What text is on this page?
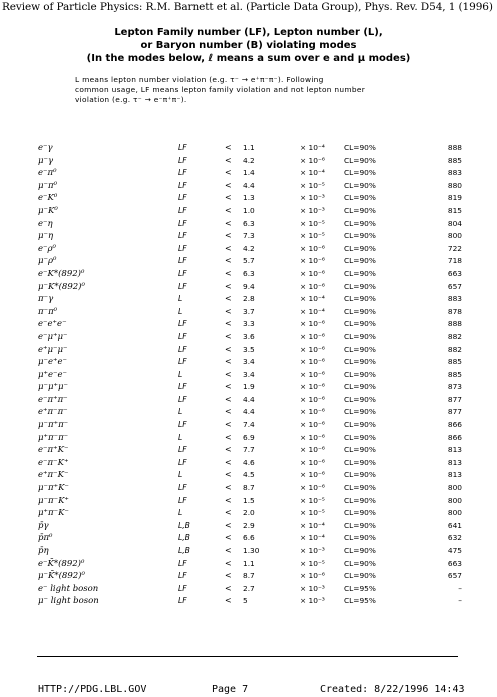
Review of Particle Physics: R.M. Barnett et al. (Particle Data Group), Phys. Rev. D54, 1 (1996)
Lepton Family number (LF), Lepton number (L),
or Baryon number (B) violating modes
(In the modes below, ℓ means a sum over e and μ modes)
L means lepton number violation (e.g. τ⁻ → e⁺π⁻π⁻). Following
common usage, LF means lepton family violation and not lepton number
violation (e.g. τ⁻ → e⁻π⁺π⁻).
e⁻γ	LF	< 1.1	× 10⁻⁴	CL=90%	888
μ⁻γ	LF	< 4.2	× 10⁻⁶	CL=90%	885
e⁻π⁰	LF	< 1.4	× 10⁻⁴	CL=90%	883
μ⁻π⁰	LF	< 4.4	× 10⁻⁵	CL=90%	880
e⁻K⁰	LF	< 1.3	× 10⁻³	CL=90%	819
μ⁻K⁰	LF	< 1.0	× 10⁻³	CL=90%	815
e⁻η	LF	< 6.3	× 10⁻⁵	CL=90%	804
μ⁻η	LF	< 7.3	× 10⁻⁵	CL=90%	800
e⁻ρ⁰	LF	< 4.2	× 10⁻⁶	CL=90%	722
μ⁻ρ⁰	LF	< 5.7	× 10⁻⁶	CL=90%	718
e⁻K*(892)⁰	LF	< 6.3	× 10⁻⁶	CL=90%	663
μ⁻K*(892)⁰	LF	< 9.4	× 10⁻⁶	CL=90%	657
π⁻γ	L	< 2.8	× 10⁻⁴	CL=90%	883
π⁻π⁰	L	< 3.7	× 10⁻⁴	CL=90%	878
e⁻e⁺e⁻	LF	< 3.3	× 10⁻⁶	CL=90%	888
e⁻μ⁺μ⁻	LF	< 3.6	× 10⁻⁶	CL=90%	882
e⁺μ⁻μ⁻	LF	< 3.5	× 10⁻⁶	CL=90%	882
μ⁻e⁺e⁻	LF	< 3.4	× 10⁻⁶	CL=90%	885
μ⁺e⁻e⁻	L	< 3.4	× 10⁻⁶	CL=90%	885
μ⁻μ⁺μ⁻	LF	< 1.9	× 10⁻⁶	CL=90%	873
e⁻π⁺π⁻	LF	< 4.4	× 10⁻⁶	CL=90%	877
e⁺π⁻π⁻	L	< 4.4	× 10⁻⁶	CL=90%	877
μ⁻π⁺π⁻	LF	< 7.4	× 10⁻⁶	CL=90%	866
μ⁺π⁻π⁻	L	< 6.9	× 10⁻⁶	CL=90%	866
e⁻π⁺K⁻	LF	< 7.7	× 10⁻⁶	CL=90%	813
e⁻π⁻K⁺	LF	< 4.6	× 10⁻⁶	CL=90%	813
e⁺π⁻K⁻	L	< 4.5	× 10⁻⁶	CL=90%	813
μ⁻π⁺K⁻	LF	< 8.7	× 10⁻⁶	CL=90%	800
μ⁻π⁻K⁺	LF	< 1.5	× 10⁻⁵	CL=90%	800
μ⁺π⁻K⁻	L	< 2.0	× 10⁻⁵	CL=90%	800
p̄γ	L,B	< 2.9	× 10⁻⁴	CL=90%	641
p̄π⁰	L,B	< 6.6	× 10⁻⁴	CL=90%	632
p̄η	L,B	< 1.30	× 10⁻³	CL=90%	475
e⁻K̄*(892)⁰	LF	< 1.1	× 10⁻⁵	CL=90%	663
μ⁻K̄*(892)⁰	LF	< 8.7	× 10⁻⁶	CL=90%	657
e⁻ light boson	LF	< 2.7	× 10⁻³	CL=95%	–
μ⁻ light boson	LF	< 5	× 10⁻³	CL=95%	–
HTTP://PDG.LBL.GOV	Page 7	Created: 8/22/1996 14:43
